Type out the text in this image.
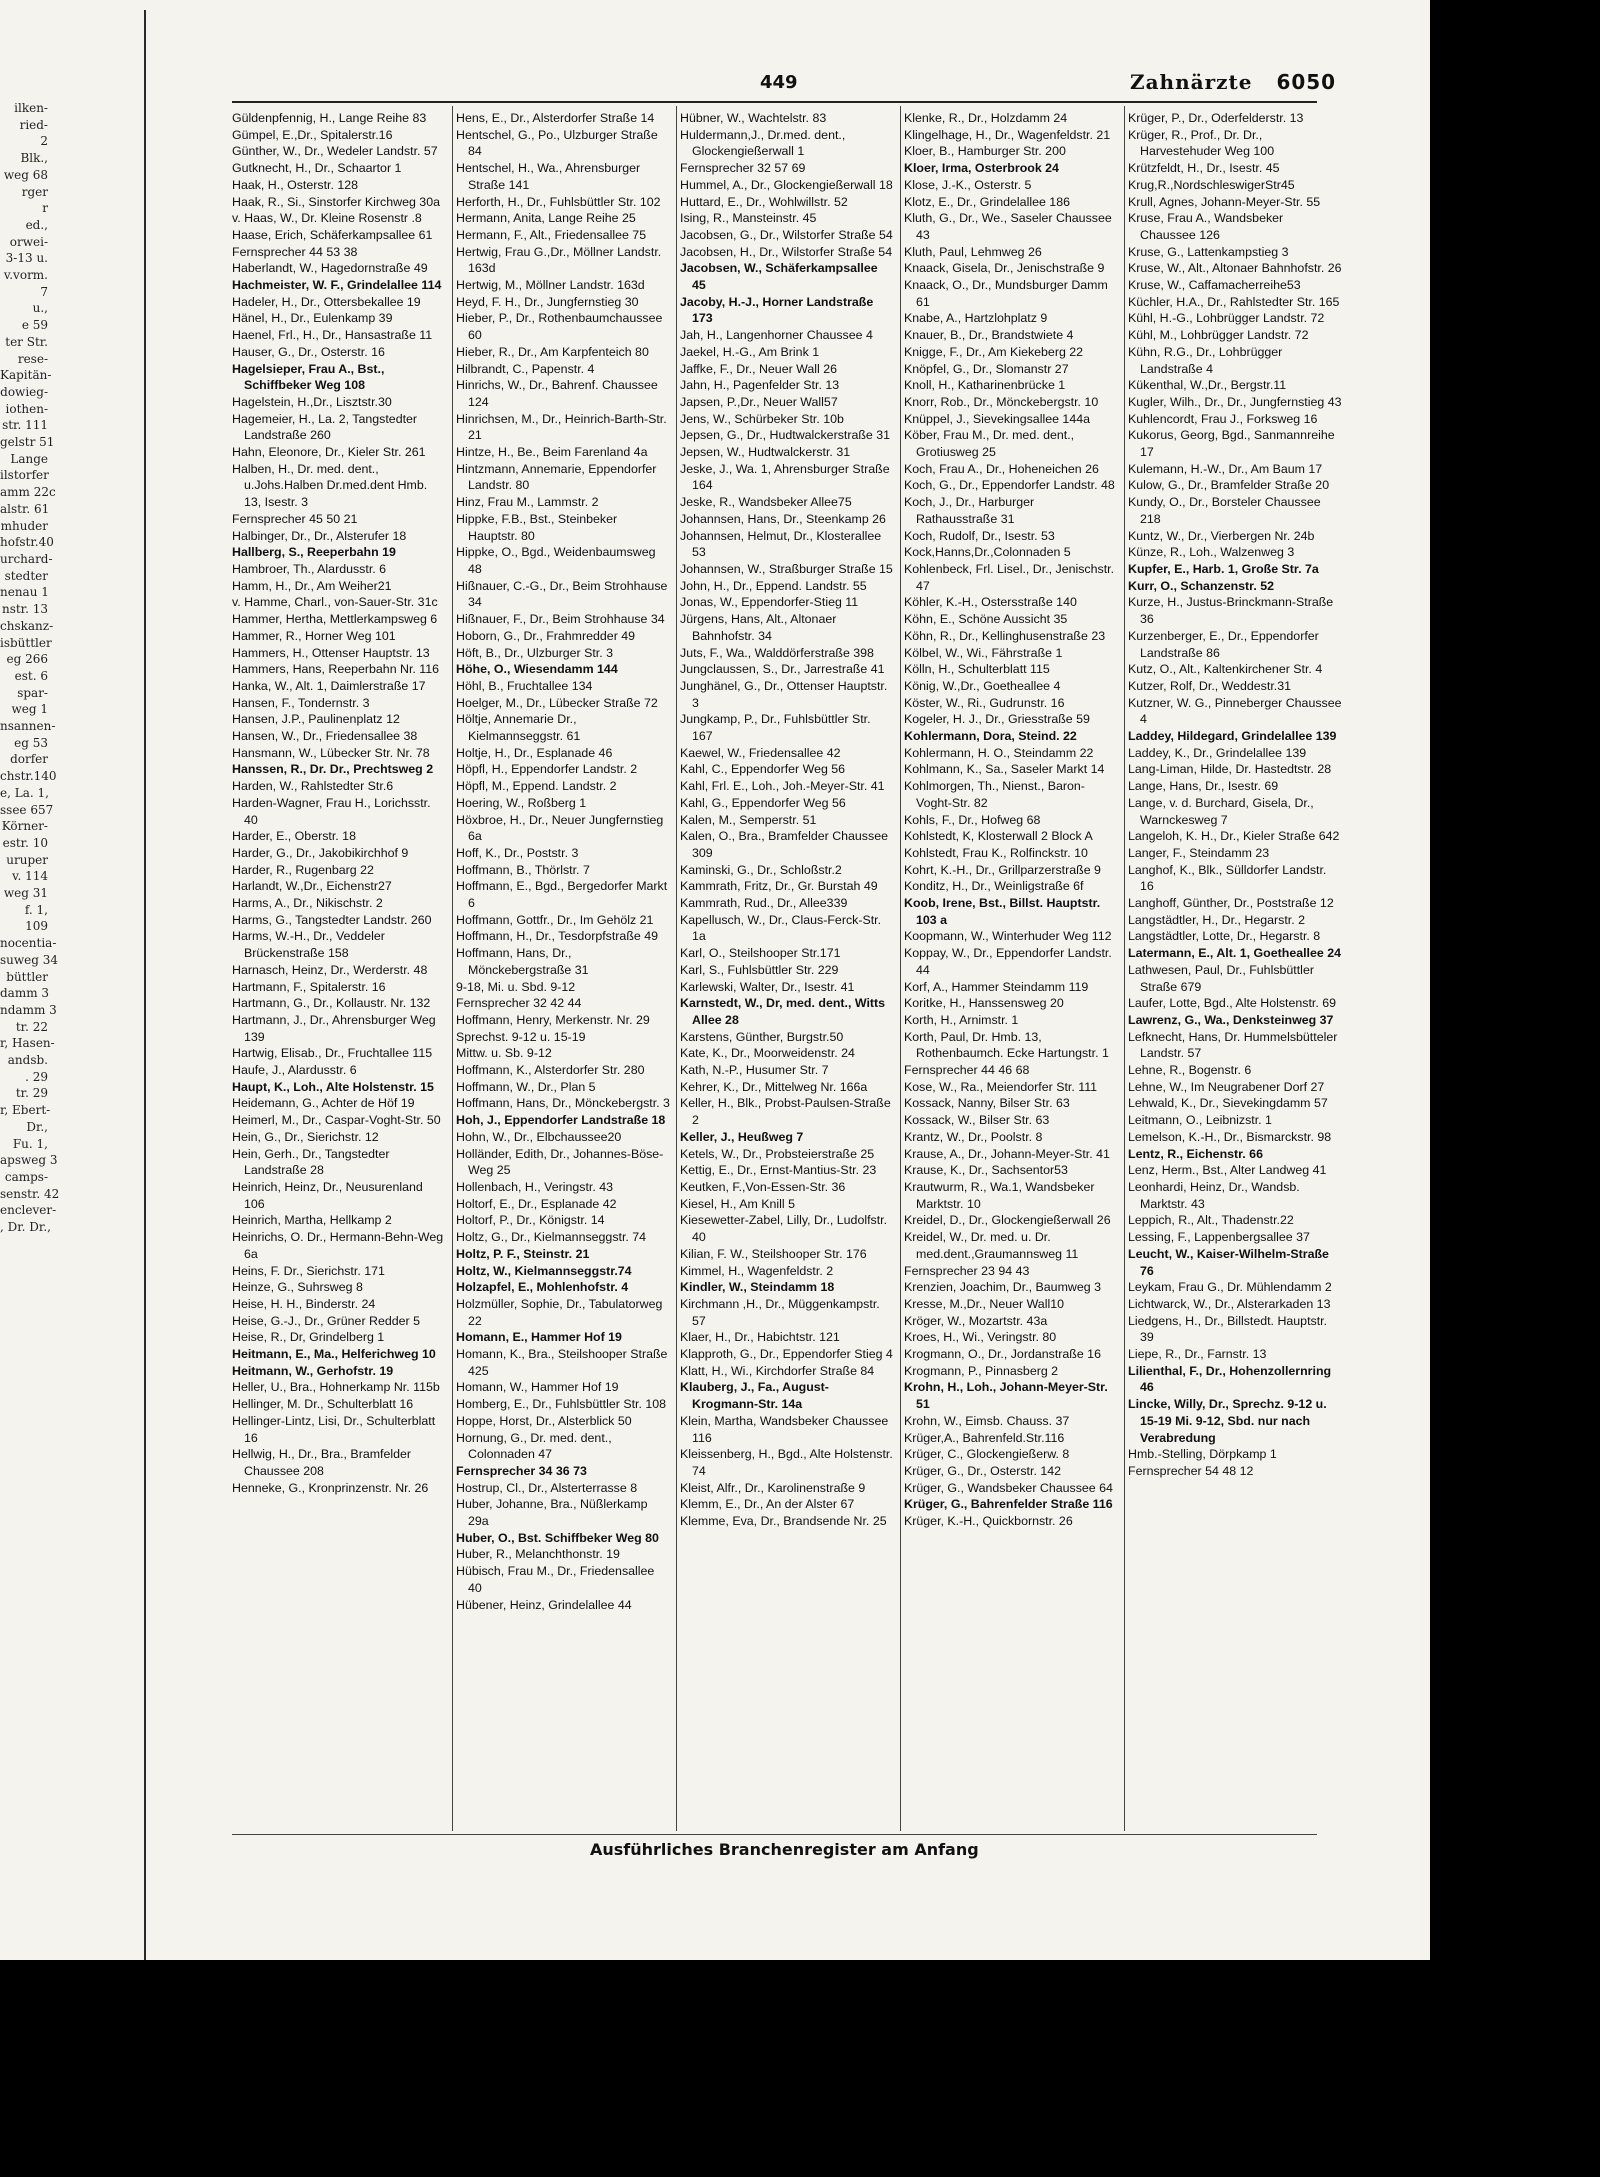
ilken-
ried-
2
Blk.,
weg 68
rger
r
ed.,
orwei-
3-13 u.
v.vorm.
7
u.,
e 59
ter Str.
rese-
Kapitän-
dowieg-
iothen-
str. 111
gelstr 51
Lange
ilstorfer
amm 22c
alstr. 61
mhuder
hofstr.40
urchard-
stedter
nenau 1
nstr. 13
chskanz-
isbüttler
eg 266
est. 6
spar-
weg 1
nsannen-
eg 53
dorfer
chstr.140
e, La. 1,
ssee 657
Körner-
estr. 10
uruper
v. 114
weg 31
f. 1,
109
nocentia-
suweg 34
büttler
damm 3
ndamm 3
tr. 22
r, Hasen-
andsb.
. 29
tr. 29
r, Ebert-
Dr.,
Fu. 1,
apsweg 3
camps-
senstr. 42
enclever-
, Dr. Dr.,
449	Zahnärzte 6050
Güldenpfennig, H., Lange Reihe 83
Gümpel, E.,Dr., Spitalerstr.16
Günther, W., Dr., Wedeler Landstr. 57
Gutknecht, H., Dr., Schaartor 1
Haak, H., Osterstr. 128
Haak, R., Si., Sinstorfer Kirchweg 30a
v. Haas, W., Dr. Kleine Rosenstr .8
Haase, Erich, Schäferkampsallee 61
Fernsprecher 44 53 38
Haberlandt, W., Hagedornstraße 49
Hachmeister, W. F., Grindelallee 114
Hadeler, H., Dr., Ottersbekallee 19
Hänel, H., Dr., Eulenkamp 39
Haenel, Frl., H., Dr., Hansastraße 11
Hauser, G., Dr., Osterstr. 16
Hagelsieper, Frau A., Bst., Schiffbeker Weg 108
Hagelstein, H.,Dr., Lisztstr.30
Hagemeier, H., La. 2, Tangstedter Landstraße 260
Hahn, Eleonore, Dr., Kieler Str. 261
Halben, H., Dr. med. dent., u.Johs.Halben Dr.med.dent Hmb. 13, Isestr. 3
Fernsprecher 45 50 21
Halbinger, Dr., Dr., Alsterufer 18
Hallberg, S., Reeperbahn 19
Hambroer, Th., Alardusstr. 6
Hamm, H., Dr., Am Weiher21
v. Hamme, Charl., von-Sauer-Str. 31c
Hammer, Hertha, Mettlerkampsweg 6
Hammer, R., Horner Weg 101
Hammers, H., Ottenser Hauptstr. 13
Hammers, Hans, Reeperbahn Nr. 116
Hanka, W., Alt. 1, Daimlerstraße 17
Hansen, F., Tondernstr. 3
Hansen, J.P., Paulinenplatz 12
Hansen, W., Dr., Friedensallee 38
Hansmann, W., Lübecker Str. Nr. 78
Hanssen, R., Dr. Dr., Prechtsweg 2
Harden, W., Rahlstedter Str.6
Harden-Wagner, Frau H., Lorichsstr. 40
Harder, E., Oberstr. 18
Harder, G., Dr., Jakobikirchhof 9
Harder, R., Rugenbarg 22
Harlandt, W.,Dr., Eichenstr27
Harms, A., Dr., Nikischstr. 2
Harms, G., Tangstedter Landstr. 260
Harms, W.-H., Dr., Veddeler Brückenstraße 158
Harnasch, Heinz, Dr., Werderstr. 48
Hartmann, F., Spitalerstr. 16
Hartmann, G., Dr., Kollaustr. Nr. 132
Hartmann, J., Dr., Ahrensburger Weg 139
Hartwig, Elisab., Dr., Fruchtallee 115
Haufe, J., Alardusstr. 6
Haupt, K., Loh., Alte Holstenstr. 15
Heidemann, G., Achter de Höf 19
Heimerl, M., Dr., Caspar-Voght-Str. 50
Hein, G., Dr., Sierichstr. 12
Hein, Gerh., Dr., Tangstedter Landstraße 28
Heinrich, Heinz, Dr., Neusurenland 106
Heinrich, Martha, Hellkamp 2
Heinrichs, O. Dr., Hermann-Behn-Weg 6a
Heins, F. Dr., Sierichstr. 171
Heinze, G., Suhrsweg 8
Heise, H. H., Binderstr. 24
Heise, G.-J., Dr., Grüner Redder 5
Heise, R., Dr, Grindelberg 1
Heitmann, E., Ma., Helferichweg 10
Heitmann, W., Gerhofstr. 19
Heller, U., Bra., Hohnerkamp Nr. 115b
Hellinger, M. Dr., Schulterblatt 16
Hellinger-Lintz, Lisi, Dr., Schulterblatt 16
Hellwig, H., Dr., Bra., Bramfelder Chaussee 208
Henneke, G., Kronprinzenstr. Nr. 26
Hens, E., Dr., Alsterdorfer Straße 14
Hentschel, G., Po., Ulzburger Straße 84
Hentschel, H., Wa., Ahrensburger Straße 141
Herforth, H., Dr., Fuhlsbüttler Str. 102
Hermann, Anita, Lange Reihe 25
Hermann, F., Alt., Friedensallee 75
Hertwig, Frau G.,Dr., Möllner Landstr. 163d
Hertwig, M., Möllner Landstr. 163d
Heyd, F. H., Dr., Jungfernstieg 30
Hieber, P., Dr., Rothenbaumchaussee 60
Hieber, R., Dr., Am Karpfenteich 80
Hilbrandt, C., Papenstr. 4
Hinrichs, W., Dr., Bahrenf. Chaussee 124
Hinrichsen, M., Dr., Heinrich-Barth-Str. 21
Hintze, H., Be., Beim Farenland 4a
Hintzmann, Annemarie, Eppendorfer Landstr. 80
Hinz, Frau M., Lammstr. 2
Hippke, F.B., Bst., Steinbeker Hauptstr. 80
Hippke, O., Bgd., Weidenbaumsweg 48
Hißnauer, C.-G., Dr., Beim Strohhause 34
Hißnauer, F., Dr., Beim Strohhause 34
Hoborn, G., Dr., Frahmredder 49
Höft, B., Dr., Ulzburger Str. 3
Höhe, O., Wiesendamm 144
Höhl, B., Fruchtallee 134
Hoelger, M., Dr., Lübecker Straße 72
Höltje, Annemarie Dr., Kielmannseggstr. 61
Holtje, H., Dr., Esplanade 46
Höpfl, H., Eppendorfer Landstr. 2
Höpfl, M., Eppend. Landstr. 2
Hoering, W., Roßberg 1
Höxbroe, H., Dr., Neuer Jungfernstieg 6a
Hoff, K., Dr., Poststr. 3
Hoffmann, B., Thörlstr. 7
Hoffmann, E., Bgd., Bergedorfer Markt 6
Hoffmann, Gottfr., Dr., Im Gehölz 21
Hoffmann, H., Dr., Tesdorpfstraße 49
Hoffmann, Hans, Dr., Mönckebergstraße 31
9-18, Mi. u. Sbd. 9-12
Fernsprecher 32 42 44
Hoffmann, Henry, Merkenstr. Nr. 29
Sprechst. 9-12 u. 15-19
Mittw. u. Sb. 9-12
Hoffmann, K., Alsterdorfer Str. 280
Hoffmann, W., Dr., Plan 5
Hoffmann, Hans, Dr., Mönckebergstr. 3
Hoh, J., Eppendorfer Landstraße 18
Hohn, W., Dr., Elbchaussee20
Holländer, Edith, Dr., Johannes-Böse-Weg 25
Hollenbach, H., Veringstr. 43
Holtorf, E., Dr., Esplanade 42
Holtorf, P., Dr., Königstr. 14
Holtz, G., Dr., Kielmannseggstr. 74
Holtz, P. F., Steinstr. 21
Holtz, W., Kielmannseggstr.74
Holzapfel, E., Mohlenhofstr. 4
Holzmüller, Sophie, Dr., Tabulatorweg 22
Homann, E., Hammer Hof 19
Homann, K., Bra., Steilshooper Straße 425
Homann, W., Hammer Hof 19
Homberg, E., Dr., Fuhlsbüttler Str. 108
Hoppe, Horst, Dr., Alsterblick 50
Hornung, G., Dr. med. dent., Colonnaden 47
Fernsprecher 34 36 73
Hostrup, Cl., Dr., Alsterterrasse 8
Huber, Johanne, Bra., Nüßlerkamp 29a
Huber, O., Bst. Schiffbeker Weg 80
Huber, R., Melanchthonstr. 19
Hübisch, Frau M., Dr., Friedensallee 40
Hübener, Heinz, Grindelallee 44
Hübner, W., Wachtelstr. 83
Huldermann,J., Dr.med. dent., Glockengießerwall 1
Fernsprecher 32 57 69
Hummel, A., Dr., Glockengießerwall 18
Huttard, E., Dr., Wohlwillstr. 52
Ising, R., Mansteinstr. 45
Jacobsen, G., Dr., Wilstorfer Straße 54
Jacobsen, H., Dr., Wilstorfer Straße 54
Jacobsen, W., Schäferkampsallee 45
Jacoby, H.-J., Horner Landstraße 173
Jah, H., Langenhorner Chaussee 4
Jaekel, H.-G., Am Brink 1
Jaffke, F., Dr., Neuer Wall 26
Jahn, H., Pagenfelder Str. 13
Japsen, P.,Dr., Neuer Wall57
Jens, W., Schürbeker Str. 10b
Jepsen, G., Dr., Hudtwalckerstraße 31
Jepsen, W., Hudtwalckerstr. 31
Jeske, J., Wa. 1, Ahrensburger Straße 164
Jeske, R., Wandsbeker Allee75
Johannsen, Hans, Dr., Steenkamp 26
Johannsen, Helmut, Dr., Klosterallee 53
Johannsen, W., Straßburger Straße 15
John, H., Dr., Eppend. Landstr. 55
Jonas, W., Eppendorfer-Stieg 11
Jürgens, Hans, Alt., Altonaer Bahnhofstr. 34
Juts, F., Wa., Walddörferstraße 398
Jungclaussen, S., Dr., Jarrestraße 41
Junghänel, G., Dr., Ottenser Hauptstr. 3
Jungkamp, P., Dr., Fuhlsbüttler Str. 167
Kaewel, W., Friedensallee 42
Kahl, C., Eppendorfer Weg 56
Kahl, Frl. E., Loh., Joh.-Meyer-Str. 41
Kahl, G., Eppendorfer Weg 56
Kalen, M., Semperstr. 51
Kalen, O., Bra., Bramfelder Chaussee 309
Kaminski, G., Dr., Schloßstr.2
Kammrath, Fritz, Dr., Gr. Burstah 49
Kammrath, Rud., Dr., Allee339
Kapellusch, W., Dr., Claus-Ferck-Str. 1a
Karl, O., Steilshooper Str.171
Karl, S., Fuhlsbüttler Str. 229
Karlewski, Walter, Dr., Isestr. 41
Karnstedt, W., Dr, med. dent., Witts Allee 28
Karstens, Günther, Burgstr.50
Kate, K., Dr., Moorweidenstr. 24
Kath, N.-P., Husumer Str. 7
Kehrer, K., Dr., Mittelweg Nr. 166a
Keller, H., Blk., Probst-Paulsen-Straße 2
Keller, J., Heußweg 7
Ketels, W., Dr., Probsteierstraße 25
Kettig, E., Dr., Ernst-Mantius-Str. 23
Keutken, F.,Von-Essen-Str. 36
Kiesel, H., Am Knill 5
Kiesewetter-Zabel, Lilly, Dr., Ludolfstr. 40
Kilian, F. W., Steilshooper Str. 176
Kimmel, H., Wagenfeldstr. 2
Kindler, W., Steindamm 18
Kirchmann ,H., Dr., Müggenkampstr. 57
Klaer, H., Dr., Habichtstr. 121
Klapproth, G., Dr., Eppendorfer Stieg 4
Klatt, H., Wi., Kirchdorfer Straße 84
Klauberg, J., Fa., August-Krogmann-Str. 14a
Klein, Martha, Wandsbeker Chaussee 116
Kleissenberg, H., Bgd., Alte Holstenstr. 74
Kleist, Alfr., Dr., Karolinenstraße 9
Klemm, E., Dr., An der Alster 67
Klemme, Eva, Dr., Brandsende Nr. 25
Klenke, R., Dr., Holzdamm 24
Klingelhage, H., Dr., Wagenfeldstr. 21
Kloer, B., Hamburger Str. 200
Kloer, Irma, Osterbrook 24
Klose, J.-K., Osterstr. 5
Klotz, E., Dr., Grindelallee 186
Kluth, G., Dr., We., Saseler Chaussee 43
Kluth, Paul, Lehmweg 26
Knaack, Gisela, Dr., Jenischstraße 9
Knaack, O., Dr., Mundsburger Damm 61
Knabe, A., Hartzlohplatz 9
Knauer, B., Dr., Brandstwiete 4
Knigge, F., Dr., Am Kiekeberg 22
Knöpfel, G., Dr., Slomanstr 27
Knoll, H., Katharinenbrücke 1
Knorr, Rob., Dr., Mönckebergstr. 10
Knüppel, J., Sievekingsallee 144a
Köber, Frau M., Dr. med. dent., Grotiusweg 25
Koch, Frau A., Dr., Hoheneichen 26
Koch, G., Dr., Eppendorfer Landstr. 48
Koch, J., Dr., Harburger Rathausstraße 31
Koch, Rudolf, Dr., Isestr. 53
Kock,Hanns,Dr.,Colonnaden 5
Kohlenbeck, Frl. Lisel., Dr., Jenischstr. 47
Köhler, K.-H., Ostersstraße 140
Köhn, E., Schöne Aussicht 35
Köhn, R., Dr., Kellinghusenstraße 23
Kölbel, W., Wi., Fährstraße 1
Kölln, H., Schulterblatt 115
König, W.,Dr., Goetheallee 4
Köster, W., Ri., Gudrunstr. 16
Kogeler, H. J., Dr., Griesstraße 59
Kohlermann, Dora, Steind. 22
Kohlermann, H. O., Steindamm 22
Kohlmann, K., Sa., Saseler Markt 14
Kohlmorgen, Th., Nienst., Baron-Voght-Str. 82
Kohls, F., Dr., Hofweg 68
Kohlstedt, K, Klosterwall 2 Block A
Kohlstedt, Frau K., Rolfinckstr. 10
Kohrt, K.-H., Dr., Grillparzerstraße 9
Konditz, H., Dr., Weinligstraße 6f
Koob, Irene, Bst., Billst. Hauptstr. 103 a
Koopmann, W., Winterhuder Weg 112
Koppay, W., Dr., Eppendorfer Landstr. 44
Korf, A., Hammer Steindamm 119
Koritke, H., Hanssensweg 20
Korth, H., Arnimstr. 1
Korth, Paul, Dr. Hmb. 13, Rothenbaumch. Ecke Hartungstr. 1
Fernsprecher 44 46 68
Kose, W., Ra., Meiendorfer Str. 111
Kossack, Nanny, Bilser Str. 63
Kossack, W., Bilser Str. 63
Krantz, W., Dr., Poolstr. 8
Krause, A., Dr., Johann-Meyer-Str. 41
Krause, K., Dr., Sachsentor53
Krautwurm, R., Wa.1, Wandsbeker Marktstr. 10
Kreidel, D., Dr., Glockengießerwall 26
Kreidel, W., Dr. med. u. Dr. med.dent.,Graumannsweg 11
Fernsprecher 23 94 43
Krenzien, Joachim, Dr., Baumweg 3
Kresse, M.,Dr., Neuer Wall10
Kröger, W., Mozartstr. 43a
Kroes, H., Wi., Veringstr. 80
Krogmann, O., Dr., Jordanstraße 16
Krogmann, P., Pinnasberg 2
Krohn, H., Loh., Johann-Meyer-Str. 51
Krohn, W., Eimsb. Chauss. 37
Krüger,A., Bahrenfeld.Str.116
Krüger, C., Glockengießerw. 8
Krüger, G., Dr., Osterstr. 142
Krüger, G., Wandsbeker Chaussee 64
Krüger, G., Bahrenfelder Straße 116
Krüger, K.-H., Quickbornstr. 26
Krüger, P., Dr., Oderfelderstr. 13
Krüger, R., Prof., Dr. Dr., Harvestehuder Weg 100
Krützfeldt, H., Dr., Isestr. 45
Krug,R.,NordschleswigerStr45
Krull, Agnes, Johann-Meyer-Str. 55
Kruse, Frau A., Wandsbeker Chaussee 126
Kruse, G., Lattenkampstieg 3
Kruse, W., Alt., Altonaer Bahnhofstr. 26
Kruse, W., Caffamacherreihe53
Küchler, H.A., Dr., Rahlstedter Str. 165
Kühl, H.-G., Lohbrügger Landstr. 72
Kühl, M., Lohbrügger Landstr. 72
Kühn, R.G., Dr., Lohbrügger Landstraße 4
Kükenthal, W.,Dr., Bergstr.11
Kugler, Wilh., Dr., Dr., Jungfernstieg 43
Kuhlencordt, Frau J., Forksweg 16
Kukorus, Georg, Bgd., Sanmannreihe 17
Kulemann, H.-W., Dr., Am Baum 17
Kulow, G., Dr., Bramfelder Straße 20
Kundy, O., Dr., Borsteler Chaussee 218
Kuntz, W., Dr., Vierbergen Nr. 24b
Künze, R., Loh., Walzenweg 3
Kupfer, E., Harb. 1, Große Str. 7a
Kurr, O., Schanzenstr. 52
Kurze, H., Justus-Brinckmann-Straße 36
Kurzenberger, E., Dr., Eppendorfer Landstraße 86
Kutz, O., Alt., Kaltenkirchener Str. 4
Kutzer, Rolf, Dr., Weddestr.31
Kutzner, W. G., Pinneberger Chaussee 4
Laddey, Hildegard, Grindelallee 139
Laddey, K., Dr., Grindelallee 139
Lang-Liman, Hilde, Dr. Hastedtstr. 28
Lange, Hans, Dr., Isestr. 69
Lange, v. d. Burchard, Gisela, Dr., Warnckesweg 7
Langeloh, K. H., Dr., Kieler Straße 642
Langer, F., Steindamm 23
Langhof, K., Blk., Sülldorfer Landstr. 16
Langhoff, Günther, Dr., Poststraße 12
Langstädtler, H., Dr., Hegarstr. 2
Langstädtler, Lotte, Dr., Hegarstr. 8
Latermann, E., Alt. 1, Goetheallee 24
Lathwesen, Paul, Dr., Fuhlsbüttler Straße 679
Laufer, Lotte, Bgd., Alte Holstenstr. 69
Lawrenz, G., Wa., Denksteinweg 37
Lefknecht, Hans, Dr. Hummelsbütteler Landstr. 57
Lehne, R., Bogenstr. 6
Lehne, W., Im Neugrabener Dorf 27
Lehwald, K., Dr., Sievekingdamm 57
Leitmann, O., Leibnizstr. 1
Lemelson, K.-H., Dr., Bismarckstr. 98
Lentz, R., Eichenstr. 66
Lenz, Herm., Bst., Alter Landweg 41
Leonhardi, Heinz, Dr., Wandsb. Marktstr. 43
Leppich, R., Alt., Thadenstr.22
Lessing, F., Lappenbergsallee 37
Leucht, W., Kaiser-Wilhelm-Straße 76
Leykam, Frau G., Dr. Mühlendamm 2
Lichtwarck, W., Dr., Alsterarkaden 13
Liedgens, H., Dr., Billstedt. Hauptstr. 39
Liepe, R., Dr., Farnstr. 13
Lilienthal, F., Dr., Hohenzollernring 46
Lincke, Willy, Dr., Sprechz. 9-12 u. 15-19 Mi. 9-12, Sbd. nur nach Verabredung
Hmb.-Stelling, Dörpkamp 1
Fernsprecher 54 48 12
Ausführliches Branchenregister am Anfang
